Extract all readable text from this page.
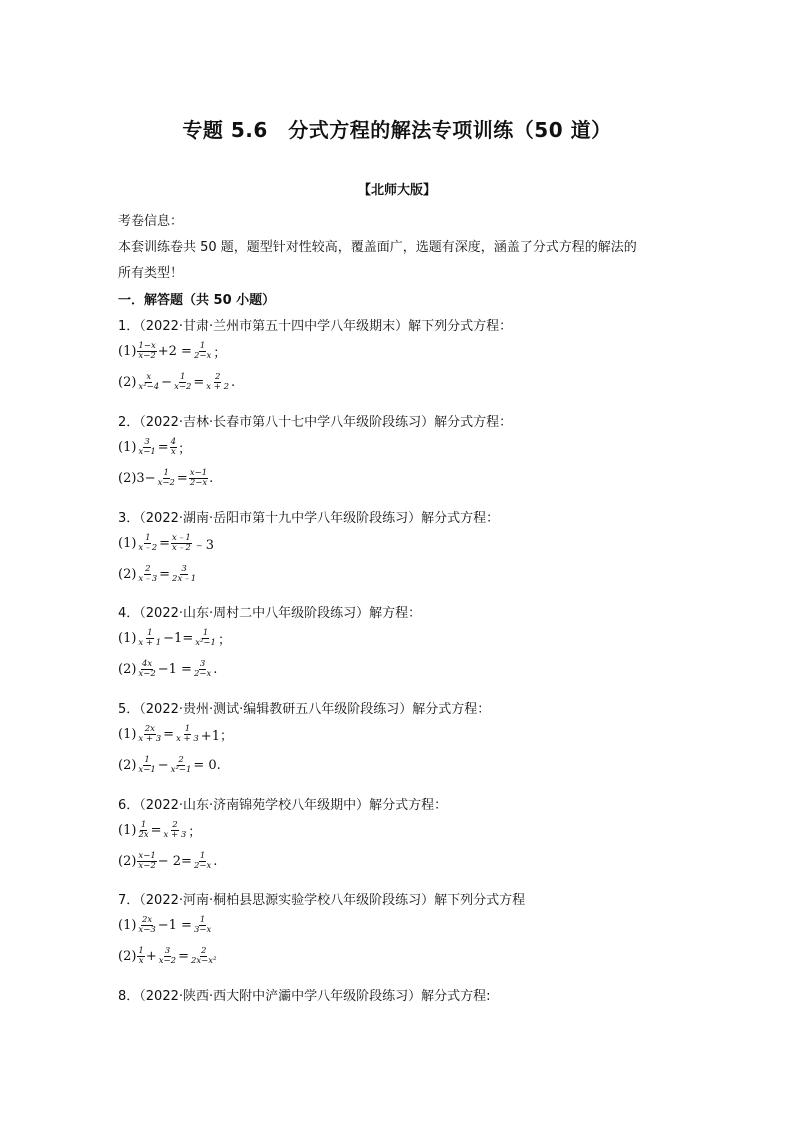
专题 5.6　分式方程的解法专项训练（50 道）
【北师大版】
考卷信息：
本套训练卷共 50 题，题型针对性较高，覆盖面广，选题有深度，涵盖了分式方程的解法的
所有类型！
一．解答题（共 50 小题）
1．（2022·甘肃·兰州市第五十四中学八年级期末）解下列分式方程：
$(1) \frac{1-x}{x-2} +2 = \frac{1}{2-x}$ ；
$(2) \frac{x}{\text{x²−4}} - \frac{1}{x-2} = \frac{2}{x + 2}$ .
2．（2022·吉林·长春市第八十七中学八年级阶段练习）解分式方程：
$(1) \frac{3}{x-1} = \frac{4}{x}$ ；
(2) $3- \frac{1}{x-2} = \frac{x-1}{2-x}$ .
3．（2022·湖南·岳阳市第十九中学八年级阶段练习）解分式方程：
$(1) \frac{1}{x﹣2} = \frac{x﹣1}{x﹣2}$ ﹣3
$(2) \frac{2}{x﹣3} = \frac{3}{2x﹣1}$
4．（2022·山东·周村二中八年级阶段练习）解方程：
$(1) \frac{1}{x + 1} -1= \frac{1}{\text{x²−1}}$ ；
$(2) \frac{4x}{x-2} -1 = \frac{3}{2-x}$ .
5．（2022·贵州·测试·编辑教研五八年级阶段练习）解分式方程：
$(1) \frac{2x}{x + 3} = \frac{1}{x + 3} +1$；
$(2) \frac{1}{x-1} - \frac{2}{\text{x²−1}} = 0$.
6．（2022·山东·济南锦苑学校八年级期中）解分式方程：
$(1) \frac{1}{2x} = \frac{2}{x + 3}$ ；
$(2) \frac{x-1}{x-2} - 2= \frac{1}{2-x}$ .
7．（2022·河南·桐柏县思源实验学校八年级阶段练习）解下列分式方程
$(1) \frac{2x}{x-3} -1 = \frac{1}{3-x}$
$(2) \frac{1}{x} + \frac{3}{x-2} = \frac{2}{\text{2x−x²}}$
8．（2022·陕西·西大附中浐灞中学八年级阶段练习）解分式方程:
